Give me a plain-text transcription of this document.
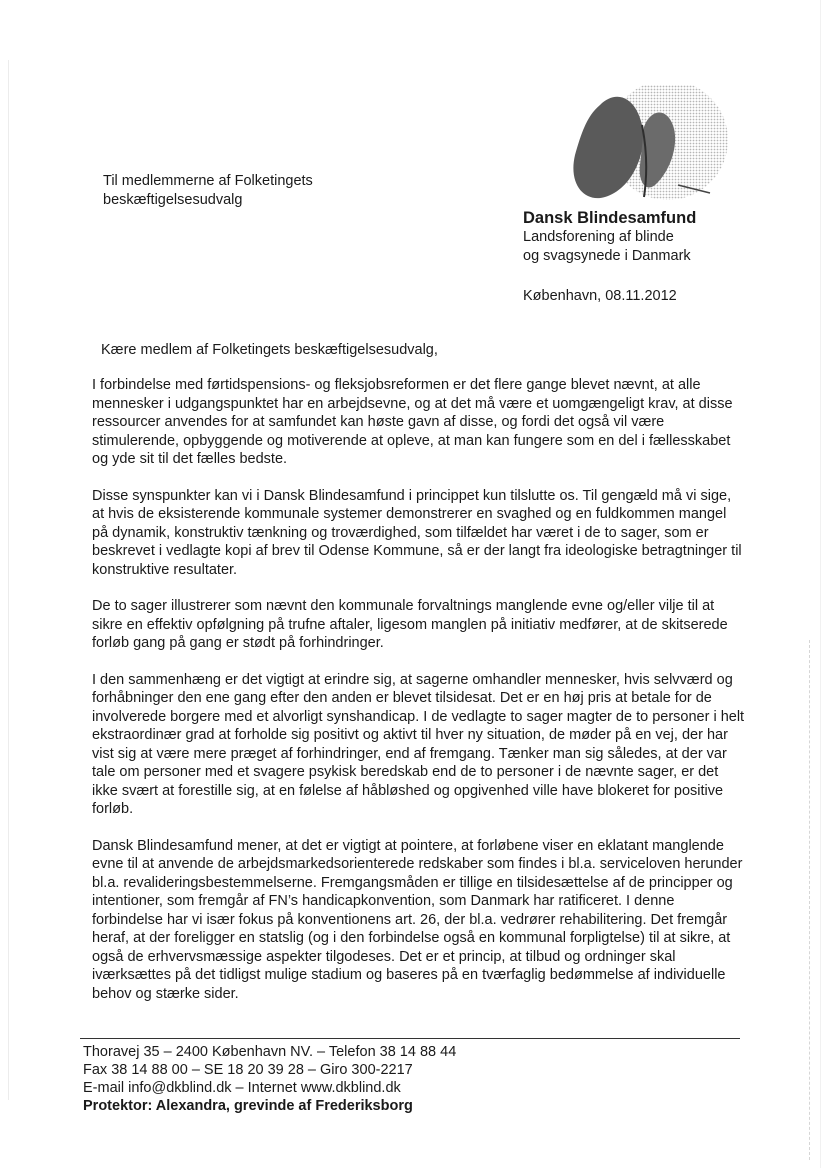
Til medlemmerne af Folketingets
beskæftigelsesudvalg
Dansk Blindesamfund
Landsforening af blinde
og svagsynede i Danmark
København, 08.11.2012
Kære medlem af Folketingets beskæftigelsesudvalg,

I forbindelse med førtidspensions- og fleksjobsreformen er det flere gange blevet nævnt, at alle mennesker i udgangspunktet har en arbejdsevne, og at det må være et uomgængeligt krav, at disse ressourcer anvendes for at samfundet kan høste gavn af disse, og fordi det også vil være stimulerende, opbyggende og motiverende at opleve, at man kan fungere som en del i fællesskabet og yde sit til det fælles bedste.

Disse synspunkter kan vi i Dansk Blindesamfund i princippet kun tilslutte os. Til gengæld må vi sige, at hvis de eksisterende kommunale systemer demonstrerer en svaghed og en fuldkommen mangel på dynamik, konstruktiv tænkning og troværdighed, som tilfældet har været i de to sager, som er beskrevet i vedlagte kopi af brev til Odense Kommune, så er der langt fra ideologiske betragtninger til konstruktive resultater.

De to sager illustrerer som nævnt den kommunale forvaltnings manglende evne og/eller vilje til at sikre en effektiv opfølgning på trufne aftaler, ligesom manglen på initiativ medfører, at de skitserede forløb gang på gang er stødt på forhindringer.

I den sammenhæng er det vigtigt at erindre sig, at sagerne omhandler mennesker, hvis selvværd og forhåbninger den ene gang efter den anden er blevet tilsidesat. Det er en høj pris at betale for de involverede borgere med et alvorligt synshandicap. I de vedlagte to sager magter de to personer i helt ekstraordinær grad at forholde sig positivt og aktivt til hver ny situation, de møder på en vej, der har vist sig at være mere præget af forhindringer, end af fremgang. Tænker man sig således, at der var tale om personer med et svagere psykisk beredskab end de to personer i de nævnte sager, er det ikke svært at forestille sig, at en følelse af håbløshed og opgivenhed ville have blokeret for positive forløb.

Dansk Blindesamfund mener, at det er vigtigt at pointere, at forløbene viser en eklatant manglende evne til at anvende de arbejdsmarkedsorienterede redskaber som findes i bl.a. serviceloven herunder bl.a. revalideringsbestemmelserne. Fremgangsmåden er tillige en tilsidesættelse af de principper og intentioner, som fremgår af FN’s handicapkonvention, som Danmark har ratificeret. I denne forbindelse har vi især fokus på konventionens art. 26, der bl.a. vedrører rehabilitering. Det fremgår heraf, at der foreligger en statslig (og i den forbindelse også en kommunal forpligtelse) til at sikre, at også de erhvervsmæssige aspekter tilgodeses. Det er et princip, at tilbud og ordninger skal iværksættes på det tidligst mulige stadium og baseres på en tværfaglig bedømmelse af individuelle behov og stærke sider.

Thoravej 35 – 2400 København NV. – Telefon 38 14 88 44
Fax 38 14 88 00 – SE 18 20 39 28 – Giro 300-2217
E-mail info@dkblind.dk – Internet www.dkblind.dk
Protektor: Alexandra, grevinde af Frederiksborg
